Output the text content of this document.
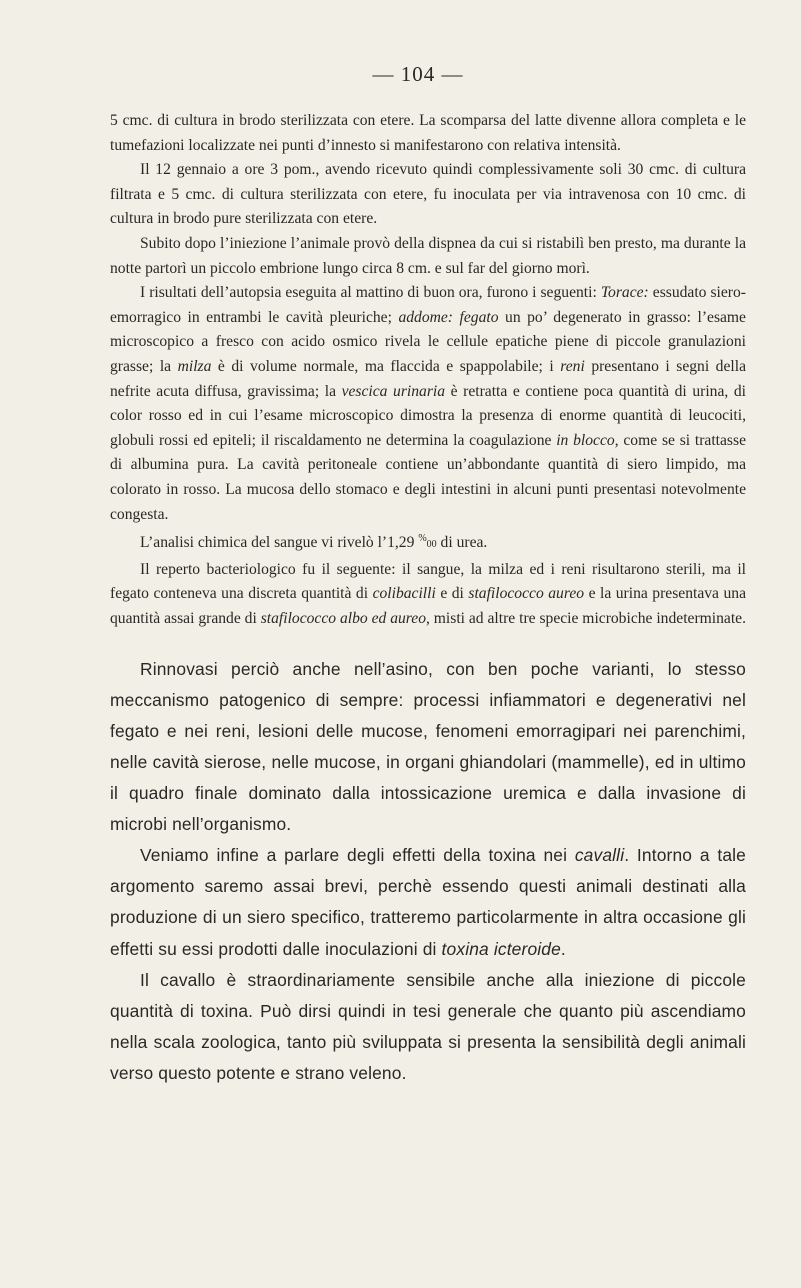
— 104 —

5 cmc. di cultura in brodo sterilizzata con etere. La scomparsa del latte divenne allora completa e le tumefazioni localizzate nei punti d’innesto si manifestarono con relativa intensità.

Il 12 gennaio a ore 3 pom., avendo ricevuto quindi complessivamente soli 30 cmc. di cultura filtrata e 5 cmc. di cultura sterilizzata con etere, fu inoculata per via intravenosa con 10 cmc. di cultura in brodo pure sterilizzata con etere.

Subito dopo l’iniezione l’animale provò della dispnea da cui si ristabilì ben presto, ma durante la notte partorì un piccolo embrione lungo circa 8 cm. e sul far del giorno morì.

I risultati dell’autopsia eseguita al mattino di buon ora, furono i seguenti: Torace: essudato siero-emorragico in entrambi le cavità pleuriche; addome: fegato un po’ degenerato in grasso: l’esame microscopico a fresco con acido osmico rivela le cellule epatiche piene di piccole granulazioni grasse; la milza è di volume normale, ma flaccida e spappolabile; i reni presentano i segni della nefrite acuta diffusa, gravissima; la vescica urinaria è retratta e contiene poca quantità di urina, di color rosso ed in cui l’esame microscopico dimostra la presenza di enorme quantità di leucociti, globuli rossi ed epiteli; il riscaldamento ne determina la coagulazione in blocco, come se si trattasse di albumina pura. La cavità peritoneale contiene un’abbondante quantità di siero limpido, ma colorato in rosso. La mucosa dello stomaco e degli intestini in alcuni punti presentasi notevolmente congesta.

L’analisi chimica del sangue vi rivelò l’1,29 %00 di urea.

Il reperto bacteriologico fu il seguente: il sangue, la milza ed i reni risultarono sterili, ma il fegato conteneva una discreta quantità di colibacilli e di stafilococco aureo e la urina presentava una quantità assai grande di stafilococco albo ed aureo, misti ad altre tre specie microbiche indeterminate.

Rinnovasi perciò anche nell’asino, con ben poche varianti, lo stesso meccanismo patogenico di sempre: processi infiammatori e degenerativi nel fegato e nei reni, lesioni delle mucose, fenomeni emorragipari nei parenchimi, nelle cavità sierose, nelle mucose, in organi ghiandolari (mammelle), ed in ultimo il quadro finale dominato dalla intossicazione uremica e dalla invasione di microbi nell’organismo.

Veniamo infine a parlare degli effetti della toxina nei cavalli. Intorno a tale argomento saremo assai brevi, perchè essendo questi animali destinati alla produzione di un siero specifico, tratteremo particolarmente in altra occasione gli effetti su essi prodotti dalle inoculazioni di toxina icteroide.

Il cavallo è straordinariamente sensibile anche alla iniezione di piccole quantità di toxina. Può dirsi quindi in tesi generale che quanto più ascendiamo nella scala zoologica, tanto più sviluppata si presenta la sensibilità degli animali verso questo potente e strano veleno.
